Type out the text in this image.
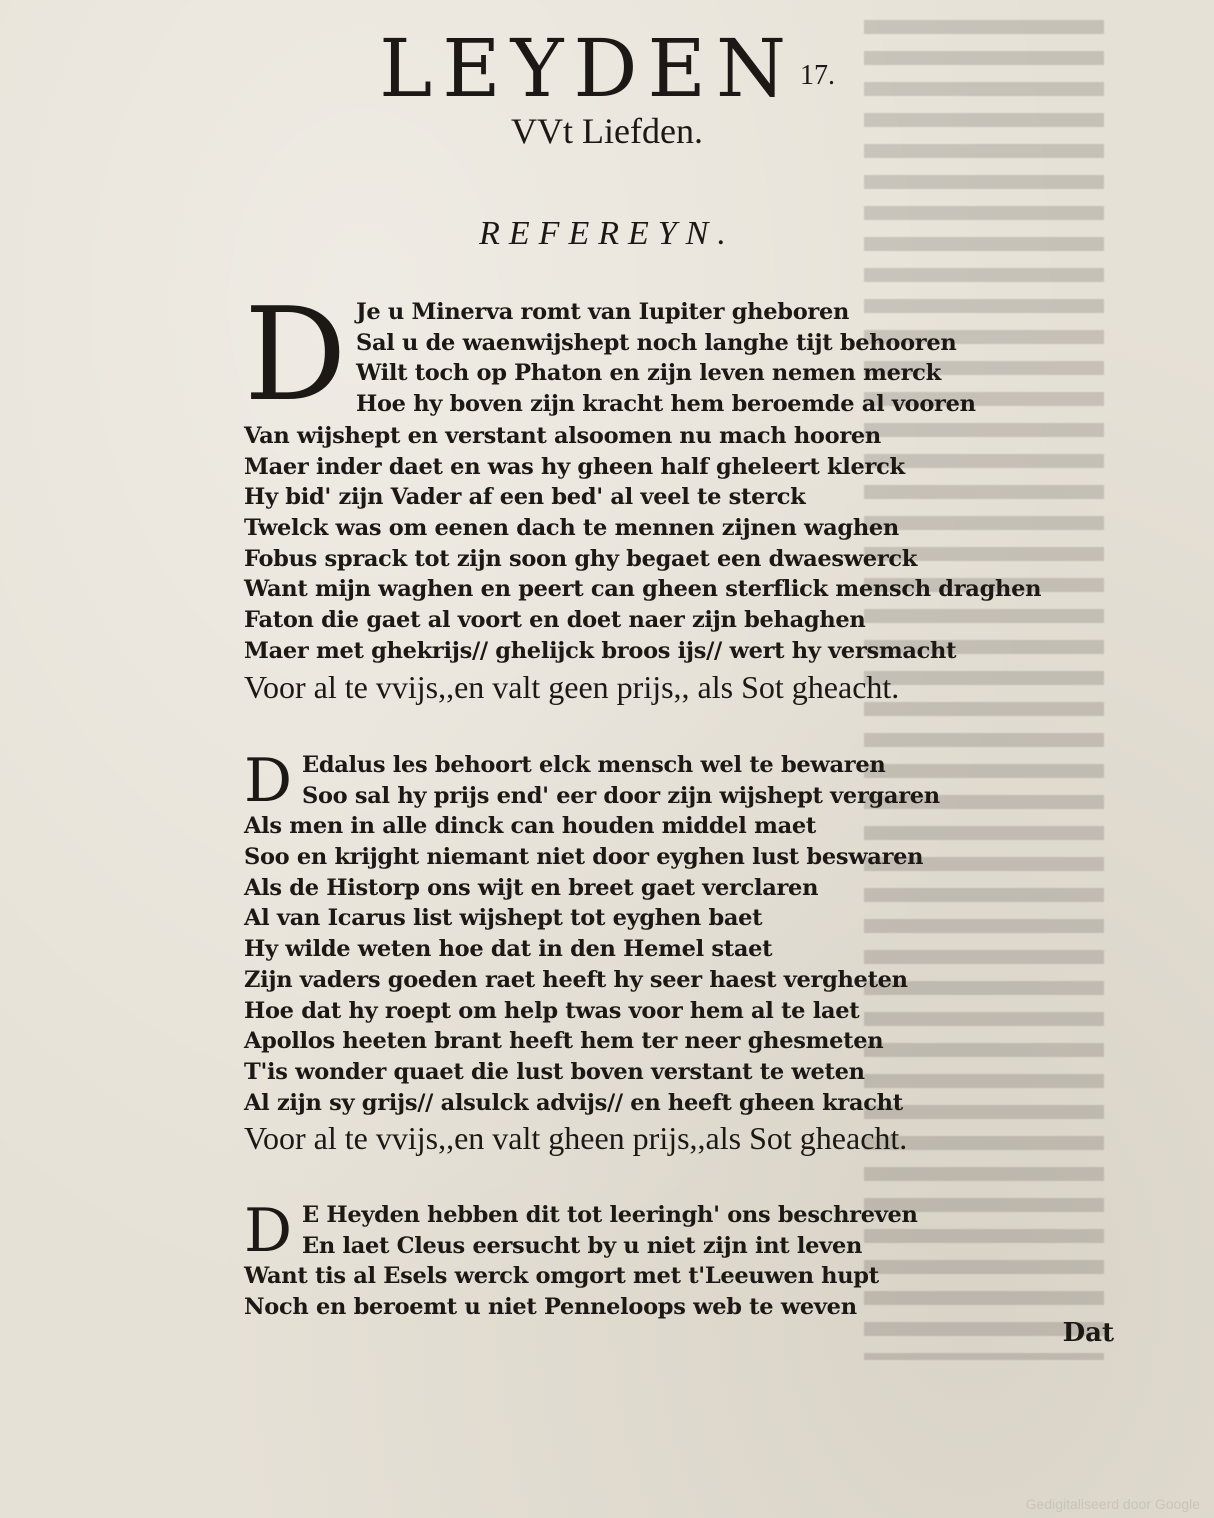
LEYDEN 17.
VVt Liefden.
REFEREYN.
D Je u Minerva romt van Iupiter gheboren
Sal u de waenwijshept noch langhe tijt behooren
Wilt toch op Phaton en zijn leven nemen merck
Hoe hy boven zijn kracht hem beroemde al vooren
Van wijshept en verstant alsoomen nu mach hooren
Maer inder daet en was hy gheen half gheleert klerck
Hy bid' zijn Vader af een bed' al veel te sterck
Twelck was om eenen dach te mennen zijnen waghen
Fobus sprack tot zijn soon ghy begaet een dwaeswerck
Want mijn waghen en peert can gheen sterflick mensch draghen
Faton die gaet al voort en doet naer zijn behaghen
Maer met ghekrijs// ghelijck broos ijs// wert hy versmacht
Voor al te vvijs,,en valt geen prijs,, als Sot gheacht.
D Edalus les behoort elck mensch wel te bewaren
Soo sal hy prijs end' eer door zijn wijshept vergaren
Als men in alle dinck can houden middel maet
Soo en krijght niemant niet door eyghen lust beswaren
Als de Historp ons wijt en breet gaet verclaren
Al van Icarus list wijshept tot eyghen baet
Hy wilde weten hoe dat in den Hemel staet
Zijn vaders goeden raet heeft hy seer haest vergheten
Hoe dat hy roept om help twas voor hem al te laet
Apollos heeten brant heeft hem ter neer ghesmeten
T'is wonder quaet die lust boven verstant te weten
Al zijn sy grijs// alsulck advijs// en heeft gheen kracht
Voor al te vvijs,,en valt gheen prijs,,als Sot gheacht.
D E Heyden hebben dit tot leeringh' ons beschreven
En laet Cleus eersucht by u niet zijn int leven
Want tis al Esels werck omgort met t'Leeuwen hupt
Noch en beroemt u niet Penneloops web te weven
Dat
Gedigitaliseerd door Google
